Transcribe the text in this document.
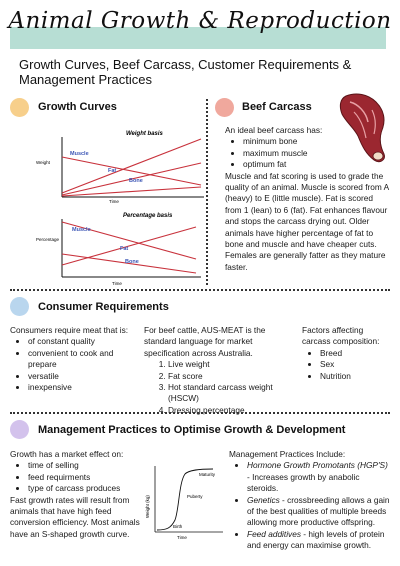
Animal Growth & Reproduction
Growth Curves, Beef Carcass, Customer Requirements & Management Practices
Growth Curves
Weight basis
Weight
Time
Muscle
Fat
Bone
Percentage basis
Percentage
Time
Muscle
Fat
Bone
Beef Carcass
An ideal beef carcass has:
• minimum bone
• maximum muscle
• optimum fat
Muscle and fat scoring is used to grade the quality of an animal. Muscle is scored from A (heavy) to E (little muscle). Fat is scored from 1 (lean) to 6 (fat). Fat enhances flavour and stops the carcass drying out. Older animals have higher percentage of fat to bone and muscle and have cheaper cuts. Females are generally fatter as they mature faster.
Consumer Requirements
Consumers require meat that is:
• of constant quality
• convenient to cook and prepare
• versatile
• inexpensive
For beef cattle, AUS-MEAT is the standard language for market specification across Australia.
1. Live weight
2. Fat score
3. Hot standard carcass weight (HSCW)
4. Dressing percentage
Factors affecting carcass composition:
• Breed
• Sex
• Nutrition
Management Practices to Optimise Growth & Development
Growth has a market effect on:
• time of selling
• feed requirments
• type of carcass produces
Fast growth rates will result from animals that have high feed conversion efficiency. Most animals have an S-shaped growth curve.
Weight (kg)
Time
Maturity
Puberty
Birth
Management Practices Include:
• Hormone Growth Promotants (HGP'S) - Increases growth by anabolic steroids.
• Genetics - crossbreeding allows a gain of the best qualities of multiple breeds allowing more productive offspring.
• Feed additives - high levels of protein and energy can maximise growth.
